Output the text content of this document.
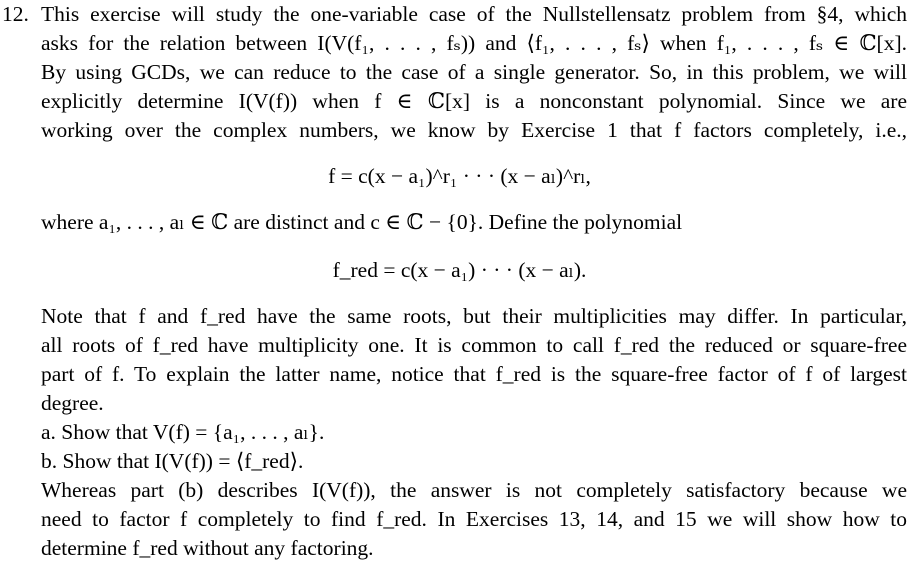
12. This exercise will study the one-variable case of the Nullstellensatz problem from §4, which
asks for the relation between I(V(f₁, . . . , fₛ)) and ⟨f₁, . . . , fₛ⟩ when f₁, . . . , fₛ ∈ ℂ[x].
By using GCDs, we can reduce to the case of a single generator. So, in this problem, we will
explicitly determine I(V(f)) when f ∈ ℂ[x] is a nonconstant polynomial. Since we are
working over the complex numbers, we know by Exercise 1 that f factors completely, i.e.,
f = c(x − a₁)^r₁ · · · (x − aₗ)^rₗ,
where a₁, . . . , aₗ ∈ ℂ are distinct and c ∈ ℂ − {0}. Define the polynomial
f_red = c(x − a₁) · · · (x − aₗ).
Note that f and f_red have the same roots, but their multiplicities may differ. In particular,
all roots of f_red have multiplicity one. It is common to call f_red the reduced or square-free
part of f. To explain the latter name, notice that f_red is the square-free factor of f of largest
degree.
a. Show that V(f) = {a₁, . . . , aₗ}.
b. Show that I(V(f)) = ⟨f_red⟩.
Whereas part (b) describes I(V(f)), the answer is not completely satisfactory because we
need to factor f completely to find f_red. In Exercises 13, 14, and 15 we will show how to
determine f_red without any factoring.
